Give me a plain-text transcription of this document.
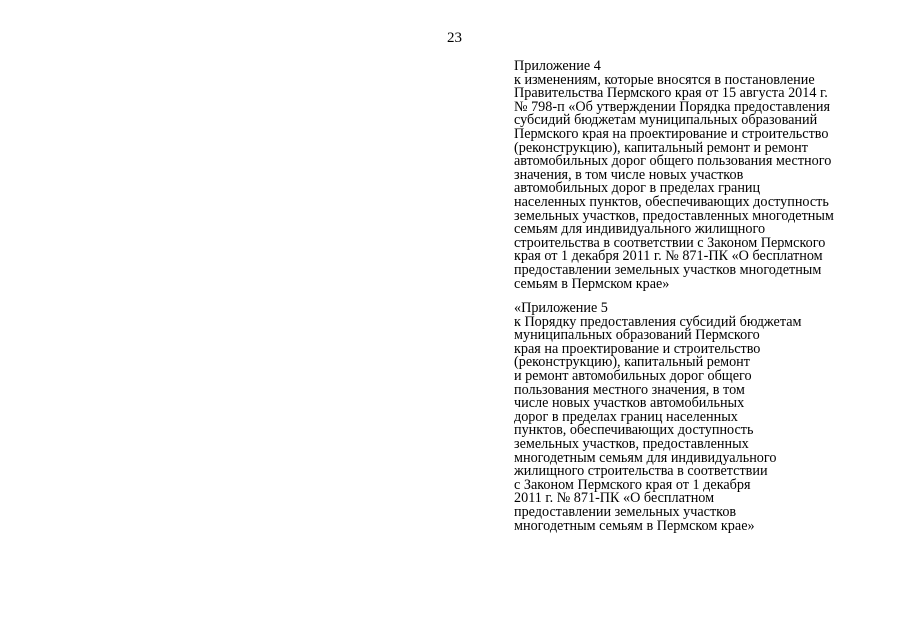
23
Приложение 4
к изменениям, которые вносятся в постановление
Правительства Пермского края от 15 августа 2014 г.
№ 798-п «Об утверждении Порядка предоставления
субсидий бюджетам муниципальных образований
Пермского края на проектирование и строительство
(реконструкцию), капитальный ремонт и ремонт
автомобильных дорог общего пользования местного
значения, в том числе новых участков
автомобильных дорог в пределах границ
населенных пунктов, обеспечивающих доступность
земельных участков, предоставленных многодетным
семьям для индивидуального жилищного
строительства в соответствии с Законом Пермского
края от 1 декабря 2011 г. № 871-ПК «О бесплатном
предоставлении земельных участков многодетным
семьям в Пермском крае»
«Приложение 5
к Порядку предоставления субсидий бюджетам
муниципальных образований Пермского
края на проектирование и строительство
(реконструкцию), капитальный ремонт
и ремонт автомобильных дорог общего
пользования местного значения, в том
числе новых участков автомобильных
дорог в пределах границ населенных
пунктов, обеспечивающих доступность
земельных участков, предоставленных
многодетным семьям для индивидуального
жилищного строительства в соответствии
с Законом Пермского края от 1 декабря
2011 г. № 871-ПК «О бесплатном
предоставлении земельных участков
многодетным семьям в Пермском крае»
